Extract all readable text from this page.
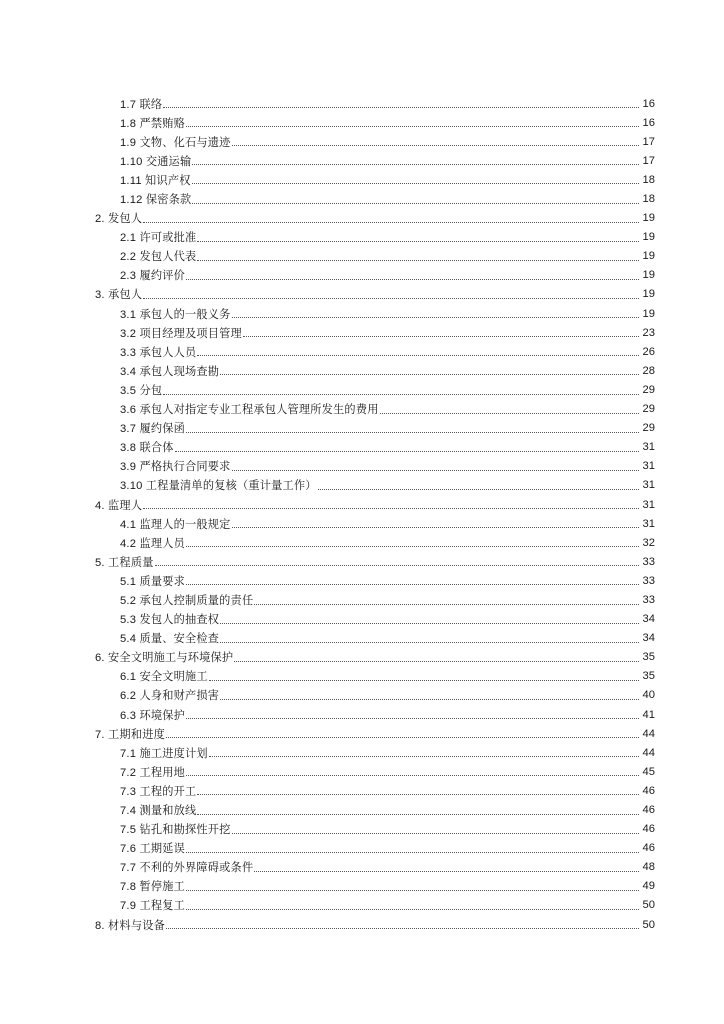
1.7 联络	16
1.8 严禁贿赂	16
1.9 文物、化石与遗迹	17
1.10 交通运输	17
1.11 知识产权	18
1.12 保密条款	18
2. 发包人	19
2.1 许可或批准	19
2.2 发包人代表	19
2.3 履约评价	19
3. 承包人	19
3.1 承包人的一般义务	19
3.2 项目经理及项目管理	23
3.3 承包人人员	26
3.4 承包人现场查勘	28
3.5 分包	29
3.6 承包人对指定专业工程承包人管理所发生的费用	29
3.7 履约保函	29
3.8 联合体	31
3.9 严格执行合同要求	31
3.10 工程量清单的复核（重计量工作）	31
4. 监理人	31
4.1 监理人的一般规定	31
4.2 监理人员	32
5. 工程质量	33
5.1 质量要求	33
5.2 承包人控制质量的责任	33
5.3 发包人的抽查权	34
5.4 质量、安全检查	34
6. 安全文明施工与环境保护	35
6.1 安全文明施工	35
6.2 人身和财产损害	40
6.3 环境保护	41
7. 工期和进度	44
7.1 施工进度计划	44
7.2 工程用地	45
7.3 工程的开工	46
7.4 测量和放线	46
7.5 钻孔和勘探性开挖	46
7.6 工期延误	46
7.7 不利的外界障碍或条件	48
7.8 暂停施工	49
7.9 工程复工	50
8. 材料与设备	50
